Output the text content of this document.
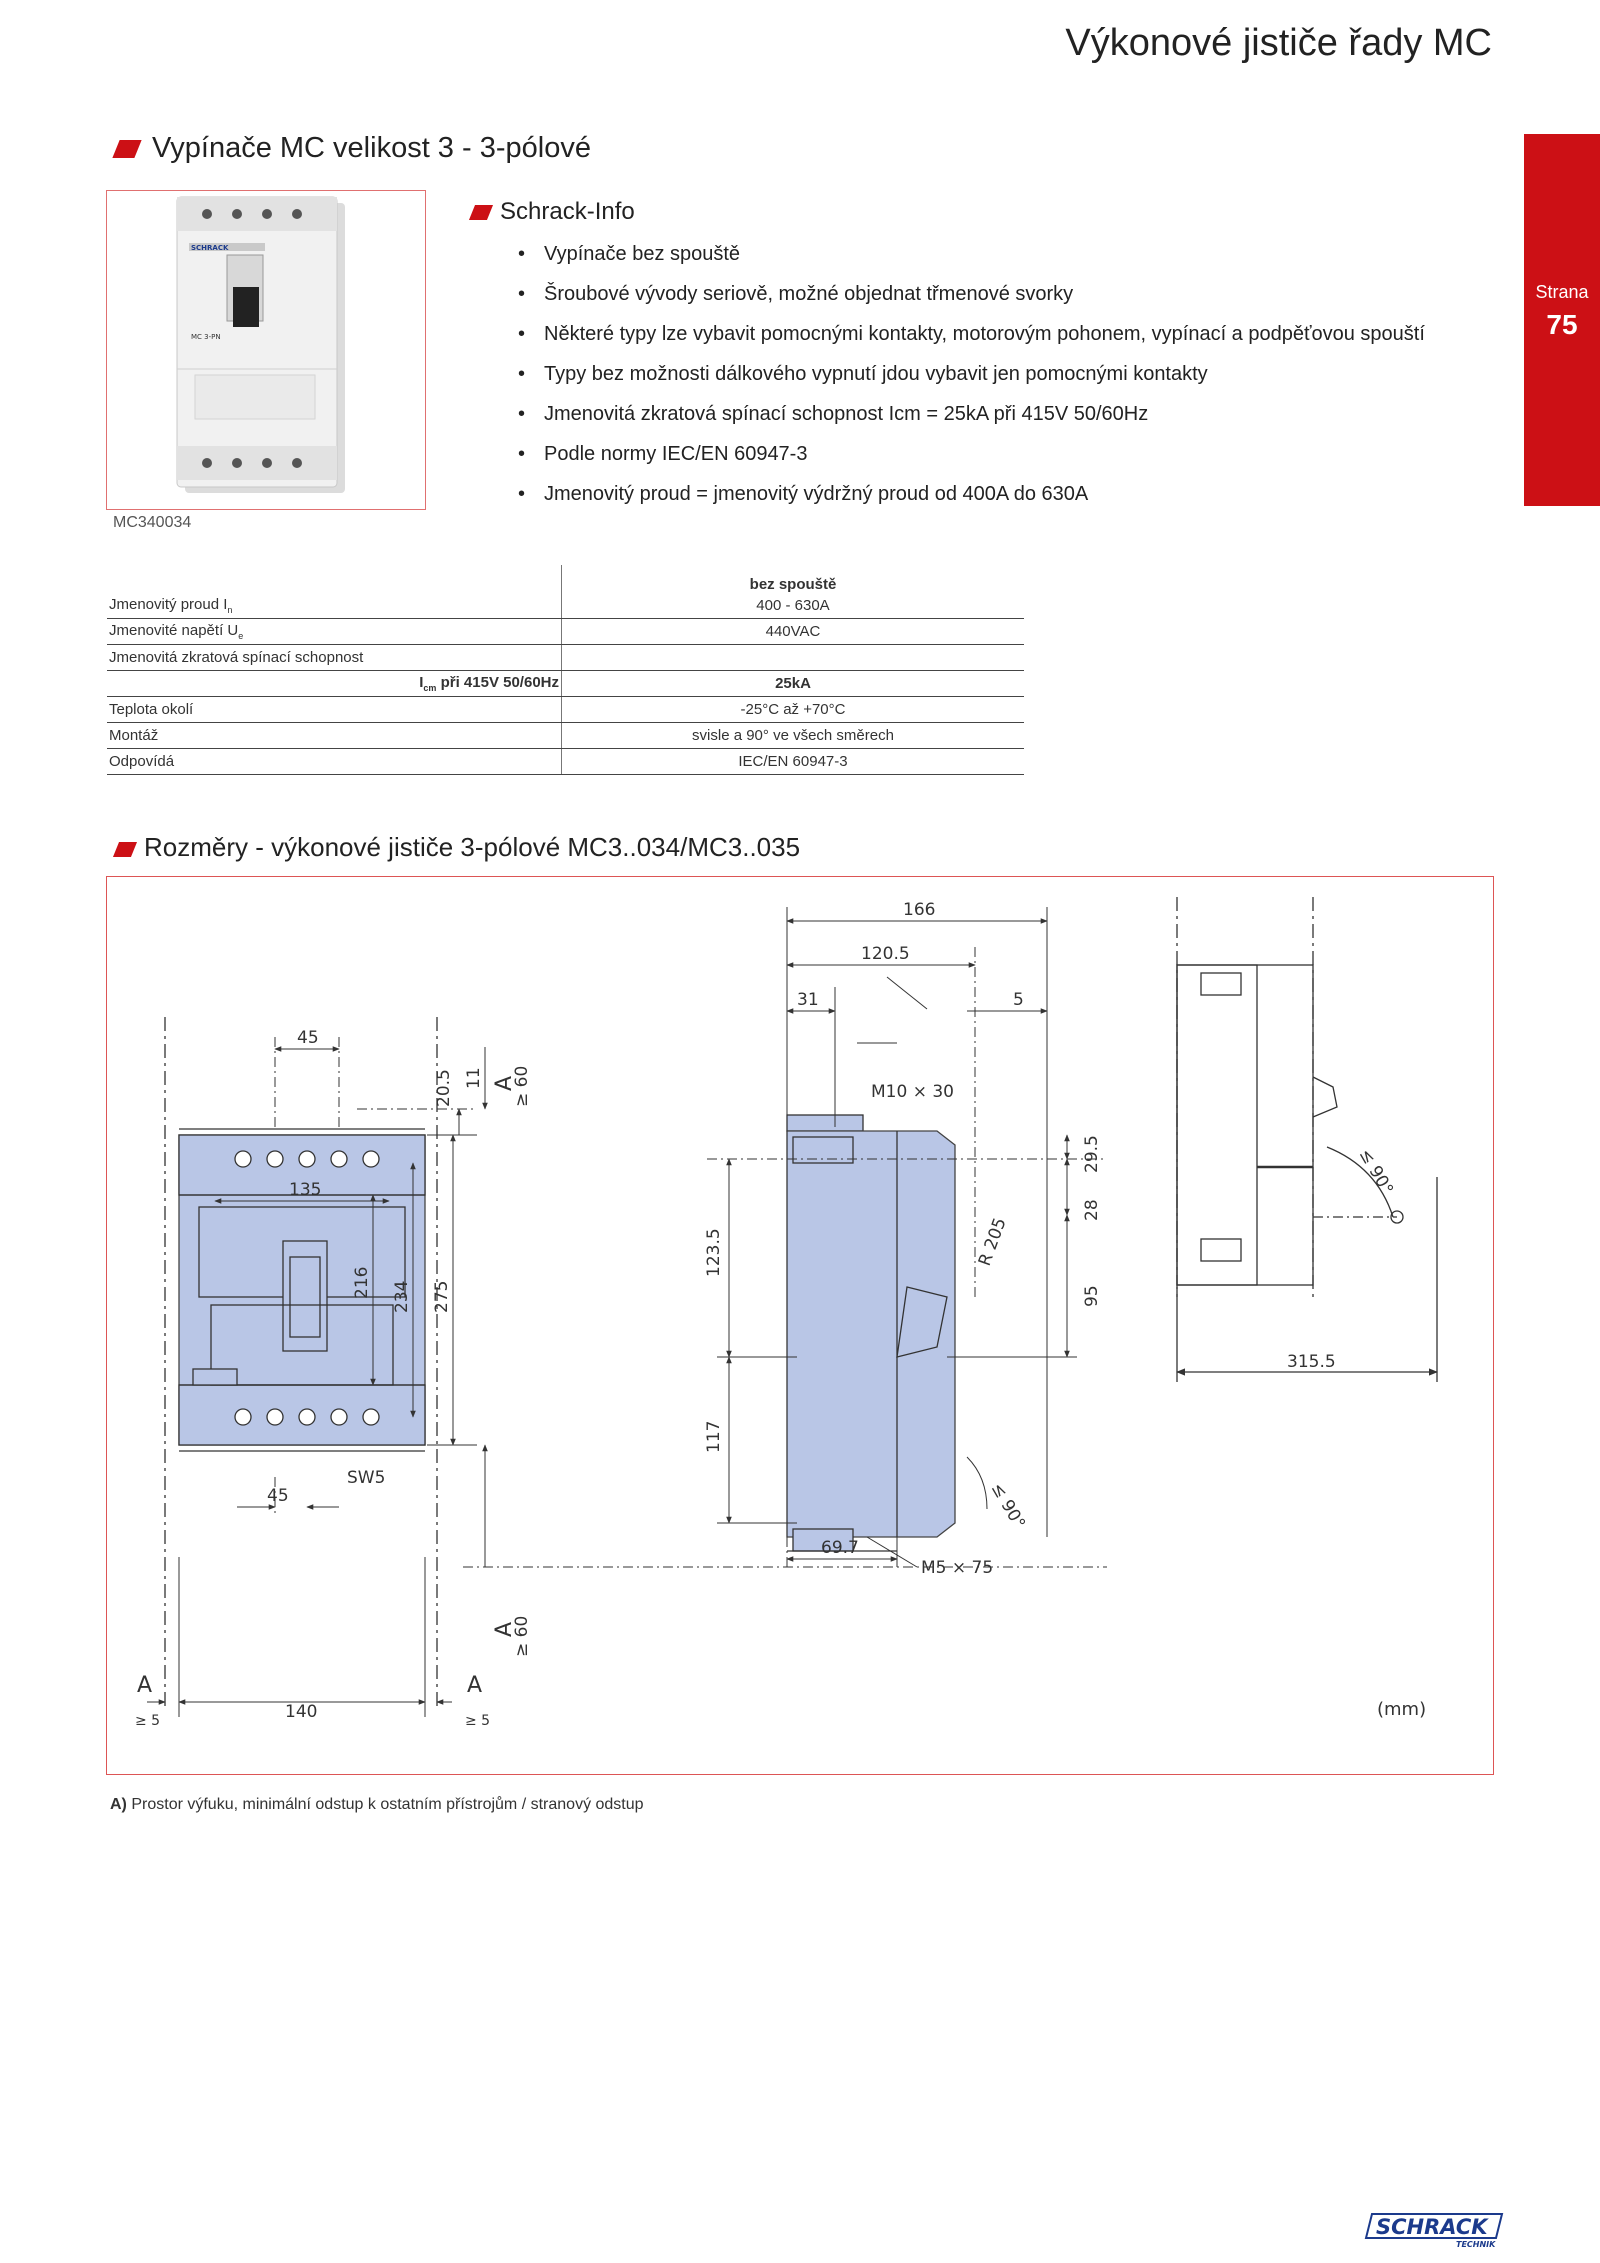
Výkonové jističe řady MC
Strana
75
Vypínače MC velikost 3 - 3-pólové
SCHRACK
MC 3-PN
MC340034
Schrack-Info
• Vypínače bez spouště
• Šroubové vývody seriově, možné objednat třmenové svorky
• Některé typy lze vybavit pomocnými kontakty, motorovým pohonem, vypínací a podpěťovou spouští
• Typy bez možnosti dálkového vypnutí jdou vybavit jen pomocnými kontakty
• Jmenovitá zkratová spínací schopnost Icm = 25kA při 415V 50/60Hz
• Podle normy IEC/EN 60947-3
• Jmenovitý proud = jmenovitý výdržný proud od 400A do 630A
	bez spouště
Jmenovitý proud $I_n$	400 - 630A
Jmenovité napětí $U_e$	440VAC
Jmenovitá zkratová spínací schopnost	
$I_{cm}$ při 415V 50/60Hz	25kA
Teplota okolí	-25°C až +70°C
Montáž	svisle a 90° ve všech směrech
Odpovídá	IEC/EN 60947-3
Rozměry - výkonové jističe 3-pólové MC3..034/MC3..035
45
135
216 234 275
20.5 11 A
≥ 60
45
SW5
A
≥ 60
140
A
≥ 5
A
≥ 5
166
120.5
31	5
M10 × 30
29.5
28
95
R 205
123.5
117
≤ 90°
69.7
M5 × 75
315.5
≤ 90°
(mm)
A) Prostor výfuku, minimální odstup k ostatním přístrojům / stranový odstup
SCHRACK
TECHNIK
